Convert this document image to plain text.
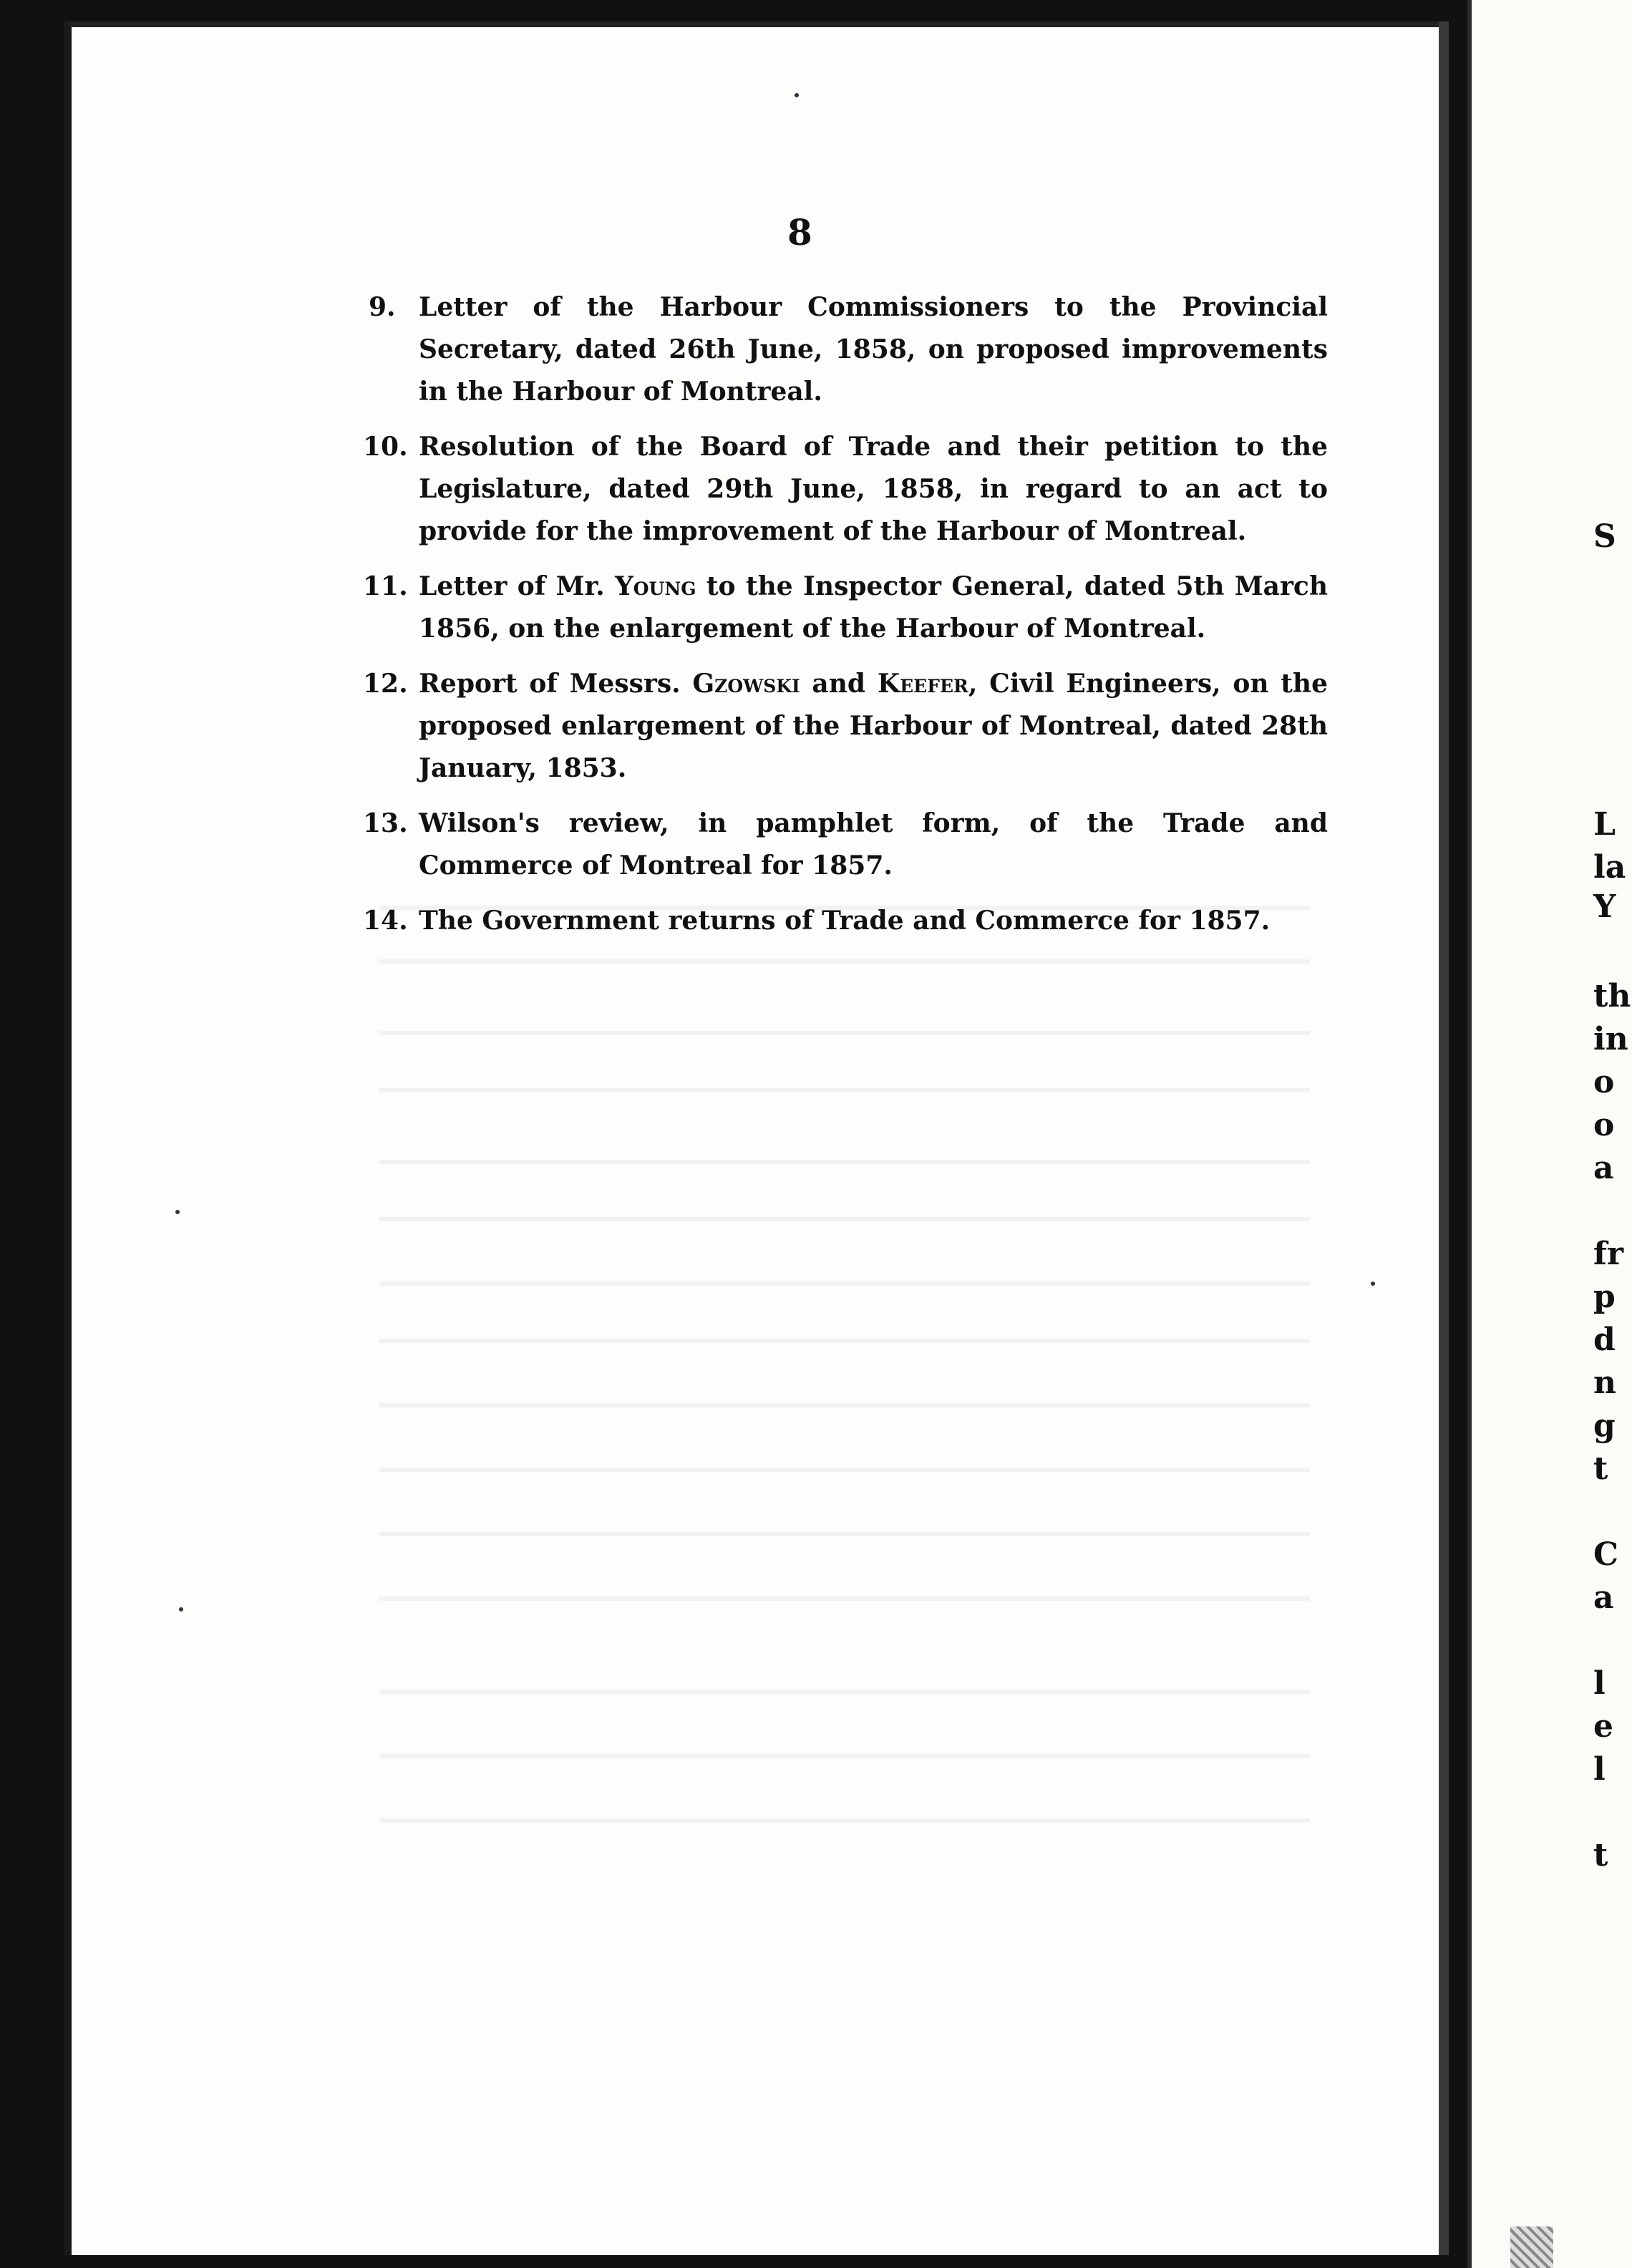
S
L
la
Y
th
in
o
o
a
fr
p
d
n
g
t
C
a
l
e
l
t
8
9. Letter of the Harbour Commissioners to the Provincial Secretary, dated 26th June, 1858, on proposed improvements in the Harbour of Montreal.
10. Resolution of the Board of Trade and their petition to the Legislature, dated 29th June, 1858, in regard to an act to provide for the improvement of the Harbour of Montreal.
11. Letter of Mr. Young to the Inspector General, dated 5th March 1856, on the enlargement of the Harbour of Montreal.
12. Report of Messrs. Gzowski and Keefer, Civil Engineers, on the proposed enlargement of the Harbour of Montreal, dated 28th January, 1853.
13. Wilson's review, in pamphlet form, of the Trade and Commerce of Montreal for 1857.
14. The Government returns of Trade and Commerce for 1857.
